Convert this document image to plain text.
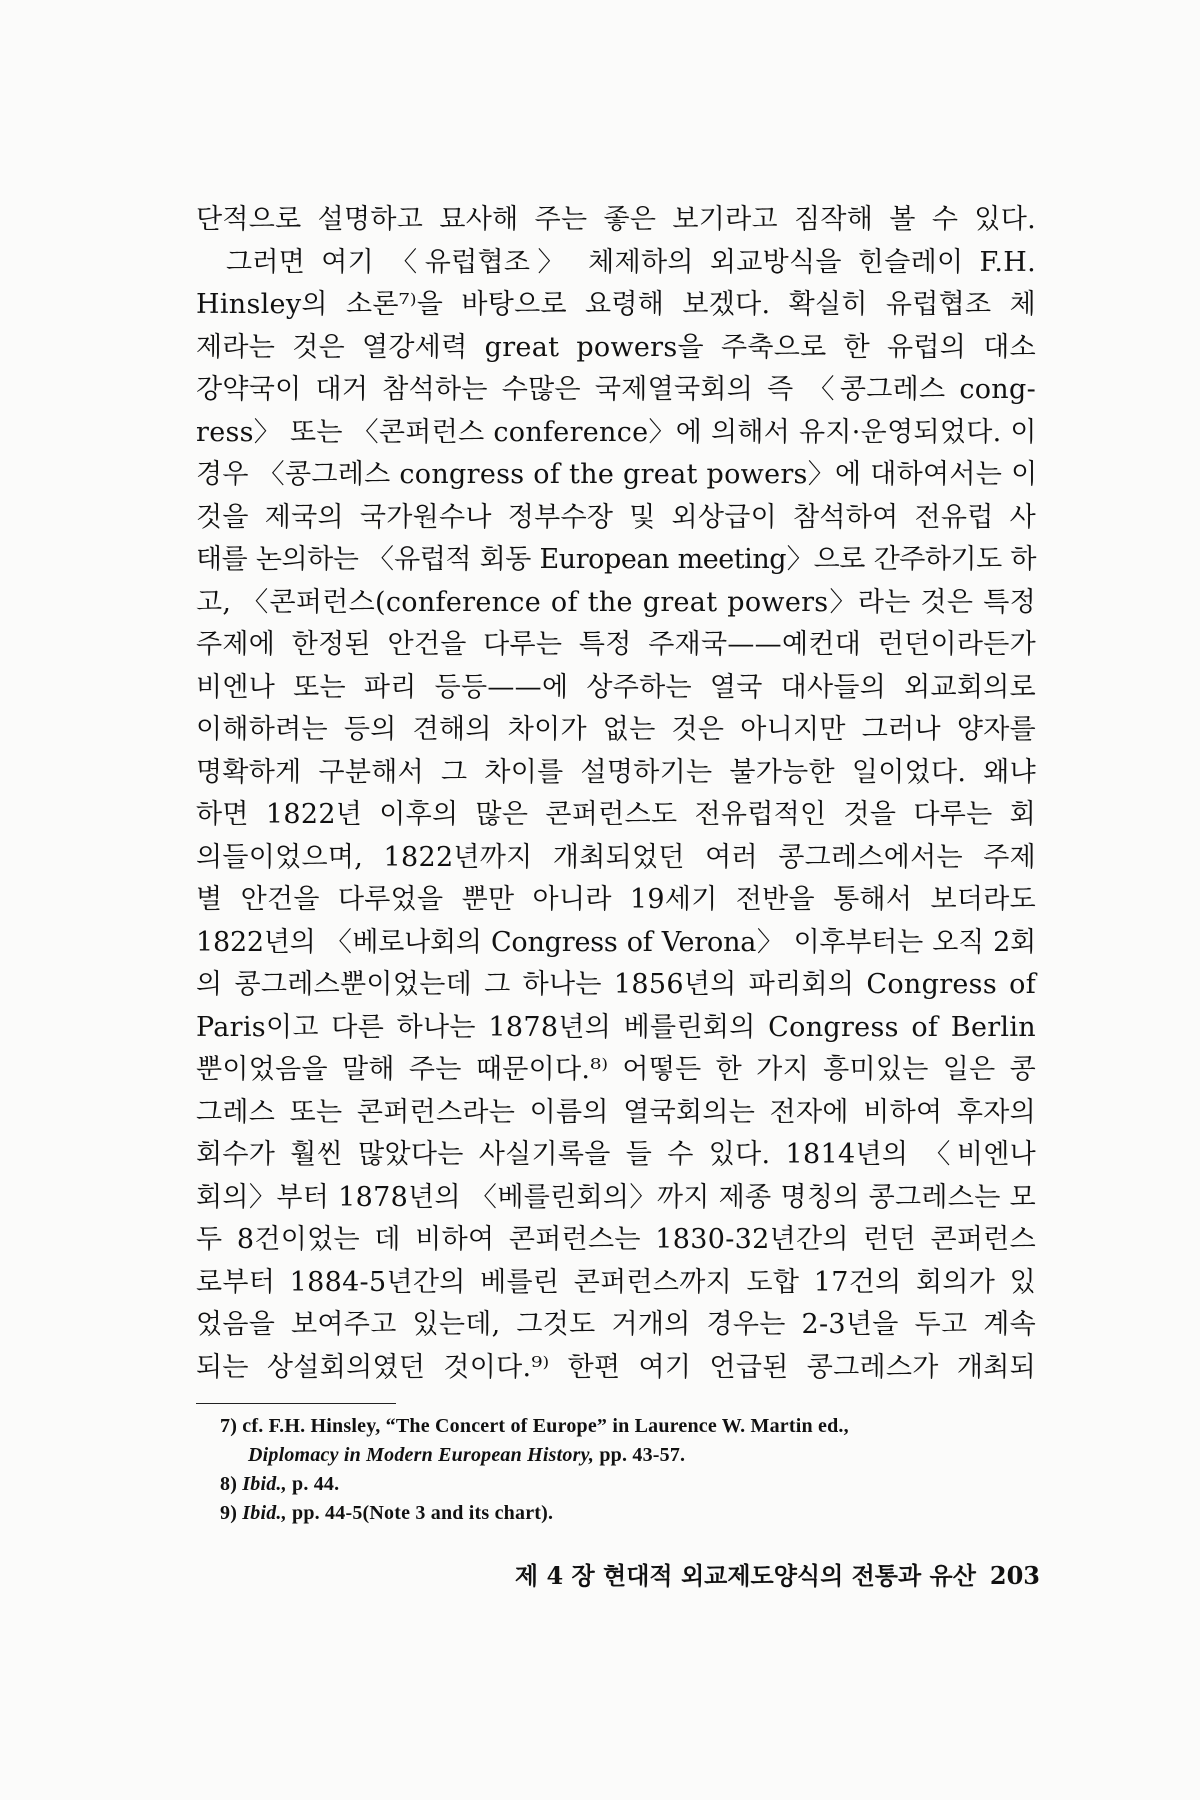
단적으로 설명하고 묘사해 주는 좋은 보기라고 짐작해 볼 수 있다.
그러면 여기 〈유럽협조〉 체제하의 외교방식을 힌슬레이 F.H.
Hinsley의 소론⁷⁾을 바탕으로 요령해 보겠다. 확실히 유럽협조 체
제라는 것은 열강세력 great powers을 주축으로 한 유럽의 대소
강약국이 대거 참석하는 수많은 국제열국회의 즉 〈콩그레스 cong-
ress〉 또는 〈콘퍼런스 conference〉에 의해서 유지·운영되었다. 이
경우 〈콩그레스 congress of the great powers〉에 대하여서는 이
것을 제국의 국가원수나 정부수장 및 외상급이 참석하여 전유럽 사
태를 논의하는 〈유럽적 회동 European meeting〉으로 간주하기도 하
고, 〈콘퍼런스(conference of the great powers〉라는 것은 특정
주제에 한정된 안건을 다루는 특정 주재국——예컨대 런던이라든가
비엔나 또는 파리 등등——에 상주하는 열국 대사들의 외교회의로
이해하려는 등의 견해의 차이가 없는 것은 아니지만 그러나 양자를
명확하게 구분해서 그 차이를 설명하기는 불가능한 일이었다. 왜냐
하면 1822년 이후의 많은 콘퍼런스도 전유럽적인 것을 다루는 회
의들이었으며, 1822년까지 개최되었던 여러 콩그레스에서는 주제
별 안건을 다루었을 뿐만 아니라 19세기 전반을 통해서 보더라도
1822년의 〈베로나회의 Congress of Verona〉 이후부터는 오직 2회
의 콩그레스뿐이었는데 그 하나는 1856년의 파리회의 Congress of
Paris이고 다른 하나는 1878년의 베를린회의 Congress of Berlin
뿐이었음을 말해 주는 때문이다.⁸⁾ 어떻든 한 가지 흥미있는 일은 콩
그레스 또는 콘퍼런스라는 이름의 열국회의는 전자에 비하여 후자의
회수가 훨씬 많았다는 사실기록을 들 수 있다. 1814년의 〈비엔나
회의〉부터 1878년의 〈베를린회의〉까지 제종 명칭의 콩그레스는 모
두 8건이었는 데 비하여 콘퍼런스는 1830-32년간의 런던 콘퍼런스
로부터 1884-5년간의 베를린 콘퍼런스까지 도합 17건의 회의가 있
었음을 보여주고 있는데, 그것도 거개의 경우는 2-3년을 두고 계속
되는 상설회의였던 것이다.⁹⁾ 한편 여기 언급된 콩그레스가 개최되
7) cf. F.H. Hinsley, “The Concert of Europe” in Laurence W. Martin ed.,
Diplomacy in Modern European History, pp. 43-57.
8) Ibid., p. 44.
9) Ibid., pp. 44-5(Note 3 and its chart).
제 4 장 현대적 외교제도양식의 전통과 유산 203
